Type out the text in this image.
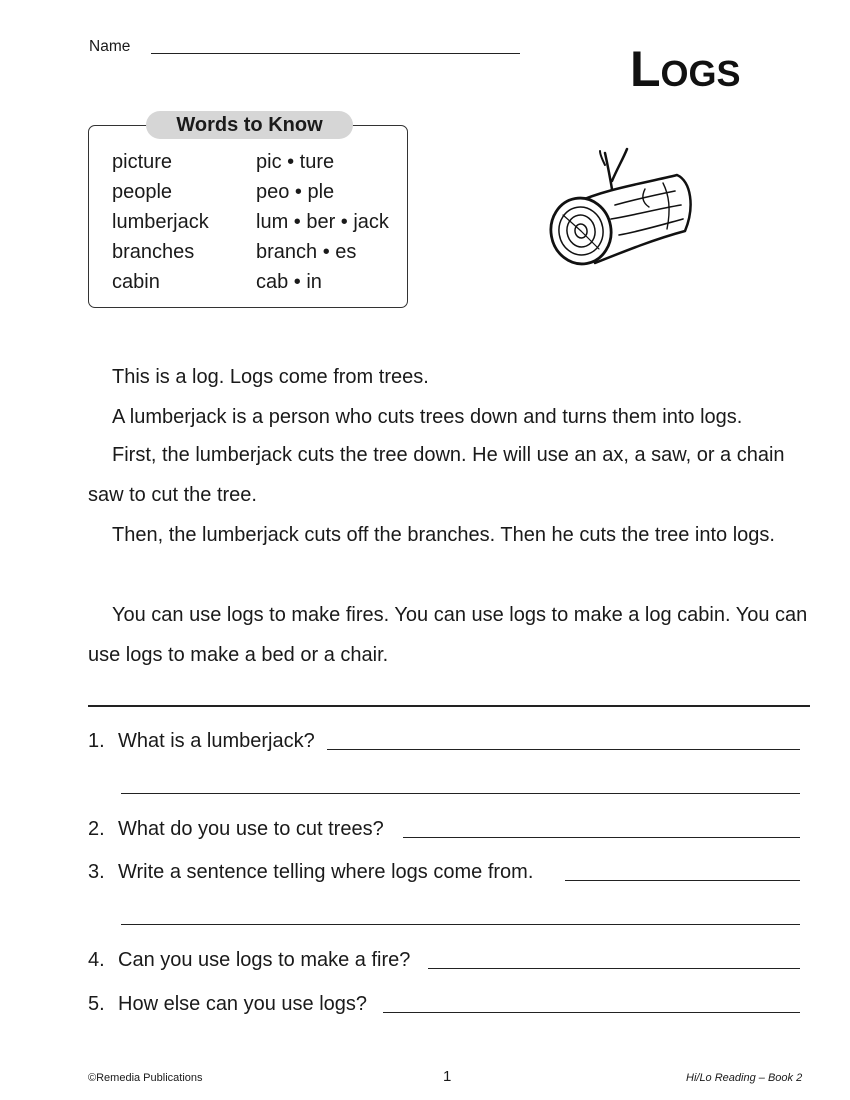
Name	LOGS
Words to Know
picture	pic • ture
people	peo • ple
lumberjack lum • ber • jack
branches	branch • es
cabin	cab • in

This is a log. Logs come from trees.

A lumberjack is a person who cuts trees down and turns them into logs.

First, the lumberjack cuts the tree down. He will use an ax, a saw, or a chain saw to cut the tree.

Then, the lumberjack cuts off the branches. Then he cuts the tree into logs.

You can use logs to make fires. You can use logs to make a log cabin. You can use logs to make a bed or a chair.

1. What is a lumberjack?
2. What do you use to cut trees?
3. Write a sentence telling where logs come from.
4. Can you use logs to make a fire?
5. How else can you use logs?
©Remedia Publications	1	Hi/Lo Reading – Book 2
